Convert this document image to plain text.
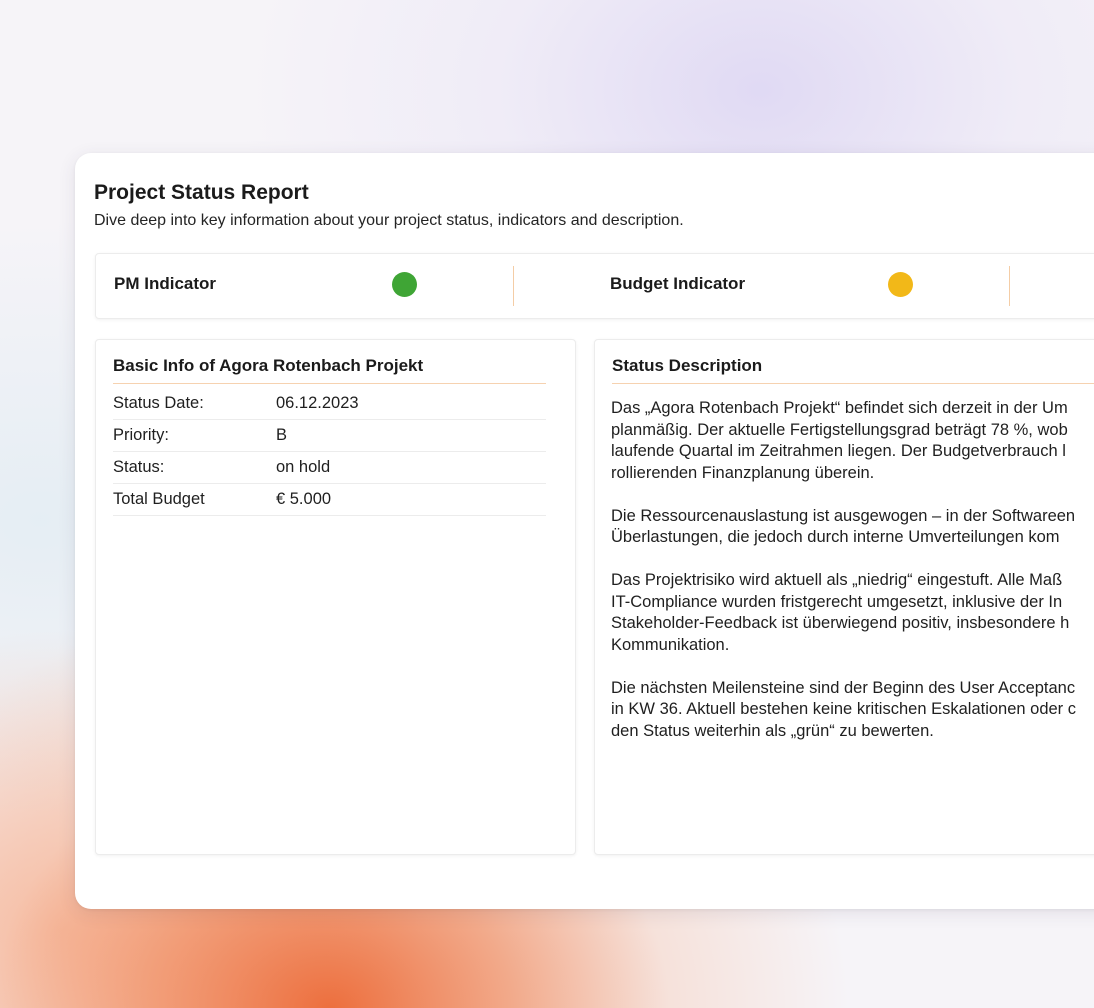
Project Status Report

Dive deep into key information about your project status, indicators and description.

PM Indicator	Budget Indicator
Basic Info of Agora Rotenbach Projekt
Status Date:	06.12.2023
Priority:	B
Status:	on hold
Total Budget	€ 5.000
Status Description

Das „Agora Rotenbach Projekt“ befindet sich derzeit in der Um
planmäßig. Der aktuelle Fertigstellungsgrad beträgt 78 %, wob
laufende Quartal im Zeitrahmen liegen. Der Budgetverbrauch l
rollierenden Finanzplanung überein.

Die Ressourcenauslastung ist ausgewogen – in der Softwareen
Überlastungen, die jedoch durch interne Umverteilungen kom

Das Projektrisiko wird aktuell als „niedrig“ eingestuft. Alle Maß
IT-Compliance wurden fristgerecht umgesetzt, inklusive der In
Stakeholder-Feedback ist überwiegend positiv, insbesondere h
Kommunikation.

Die nächsten Meilensteine sind der Beginn des User Acceptanc
in KW 36. Aktuell bestehen keine kritischen Eskalationen oder c
den Status weiterhin als „grün“ zu bewerten.
